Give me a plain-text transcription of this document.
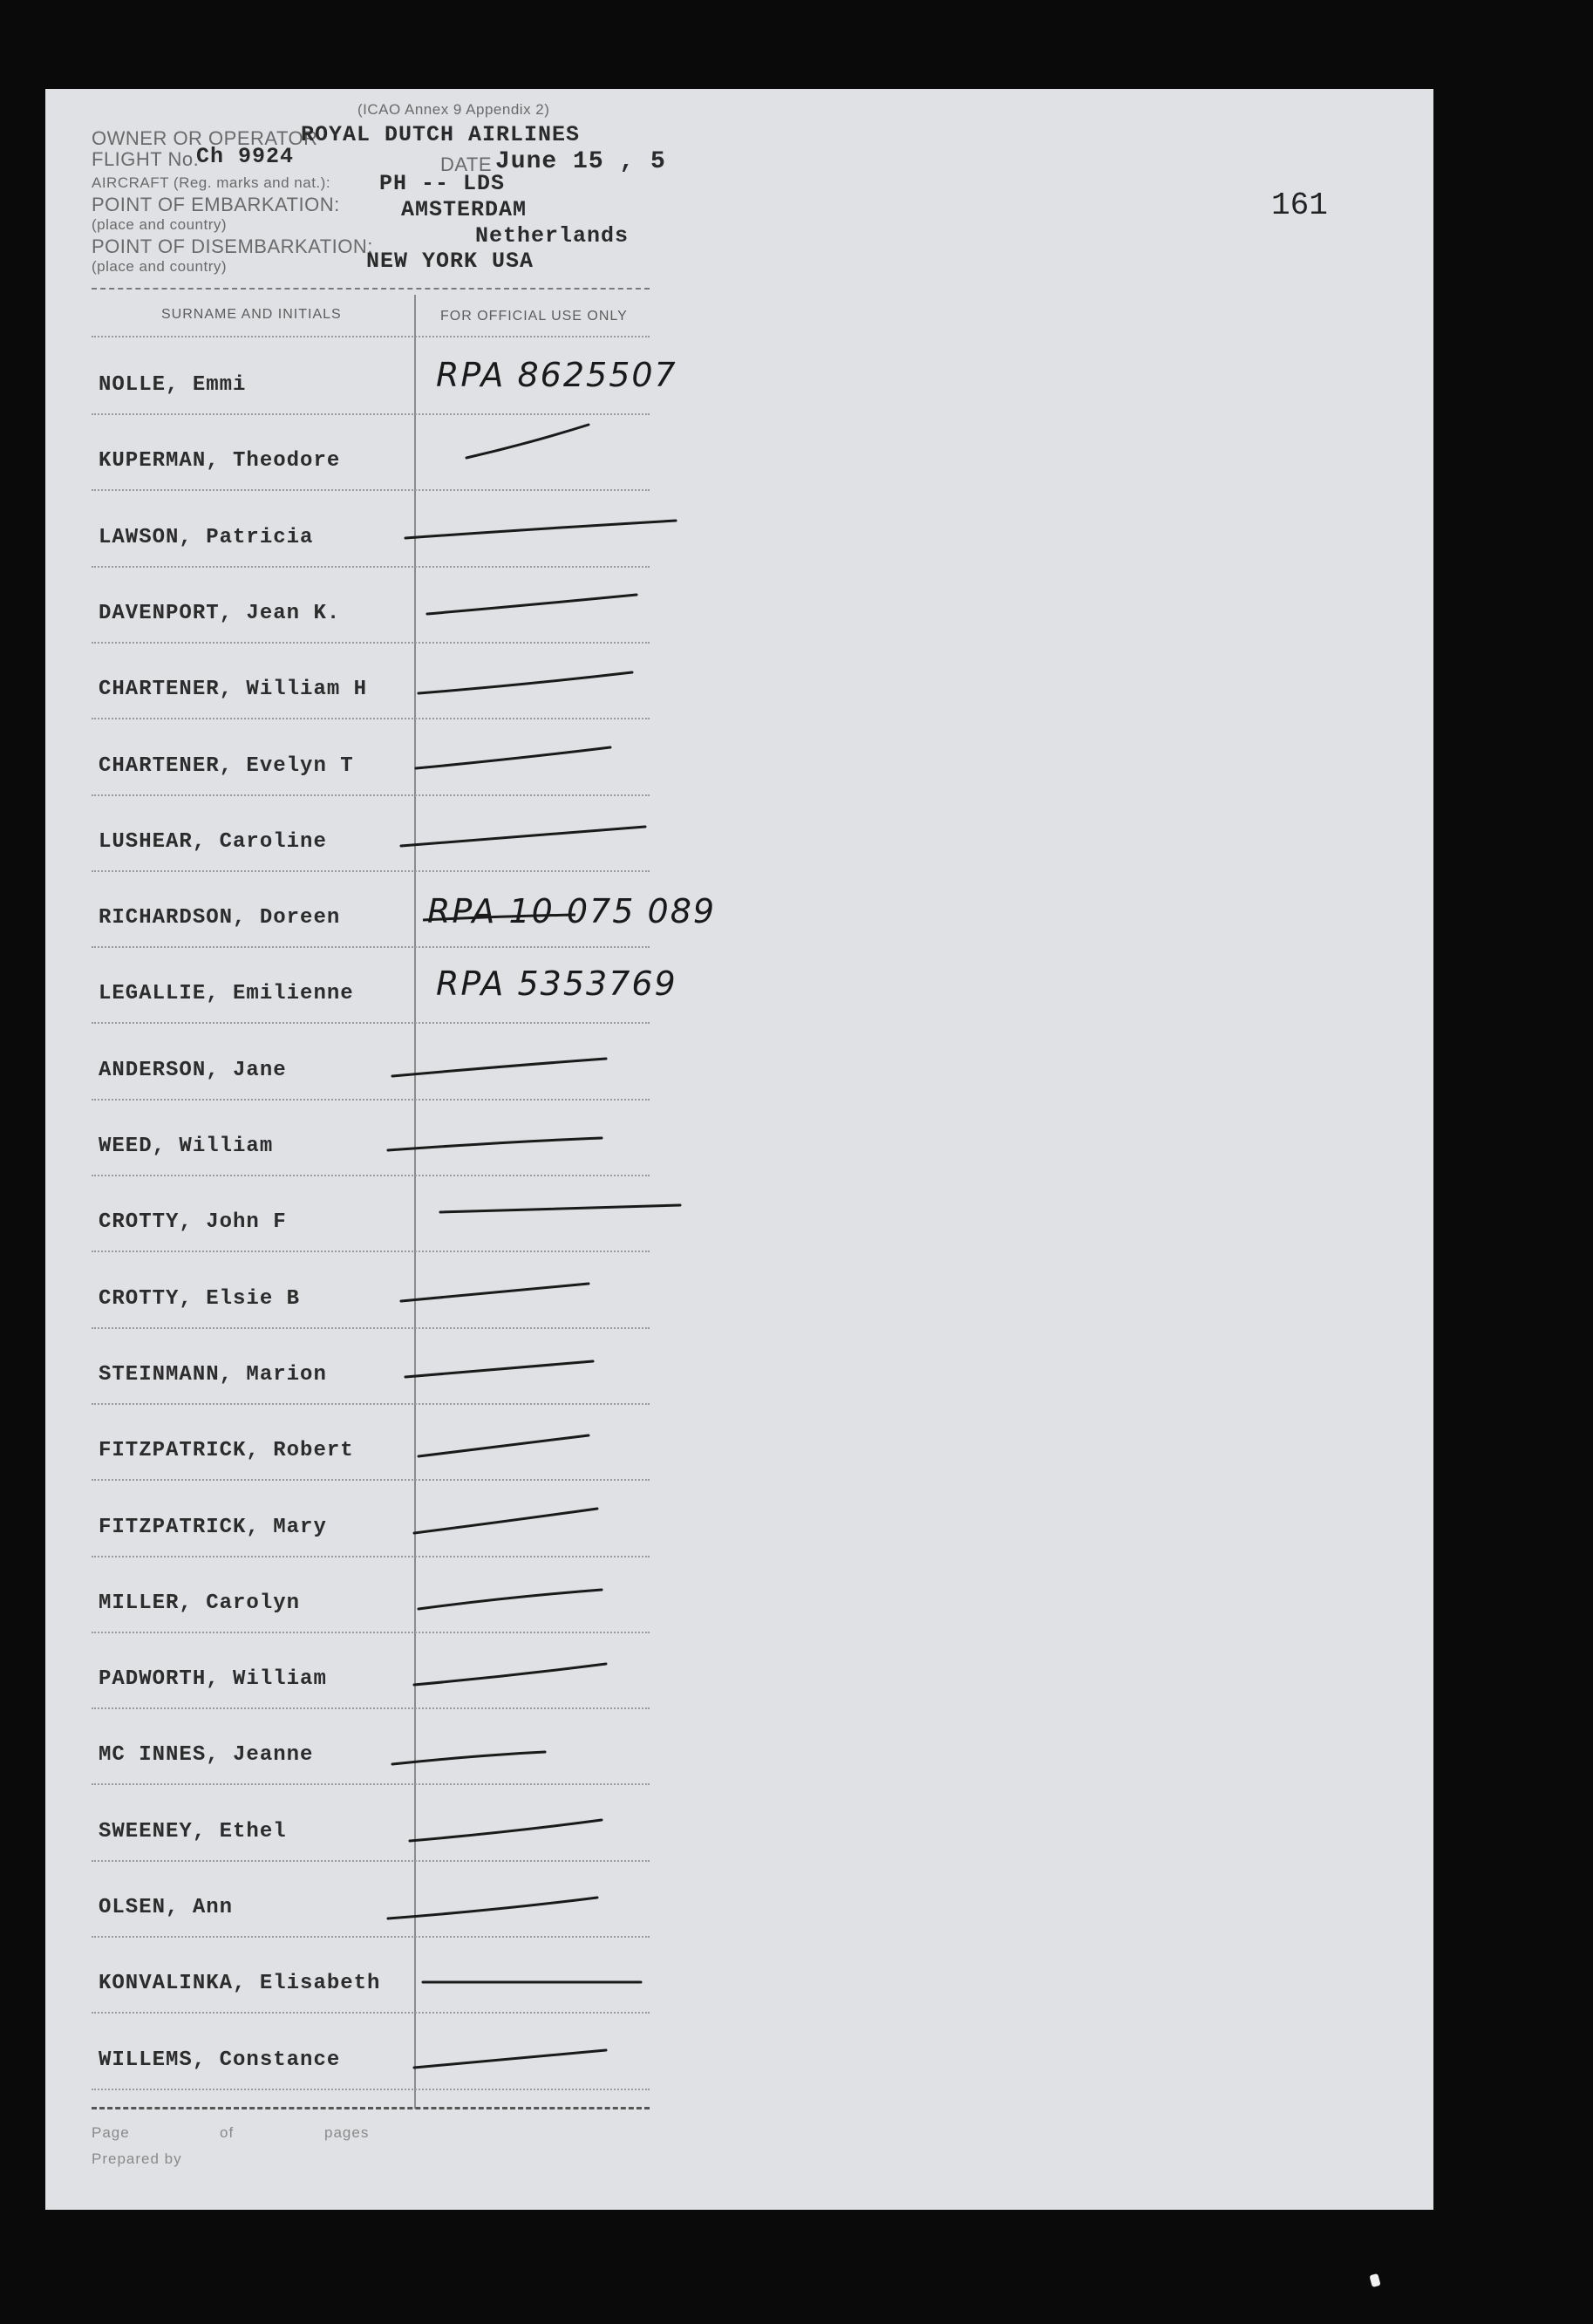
(ICAO Annex 9 Appendix 2)
OWNER OR OPERATOR
ROYAL DUTCH AIRLINES
FLIGHT No.
Ch 9924	DATE June 15 , 5
AIRCRAFT (Reg. marks and nat.): PH -- LDS
POINT OF EMBARKATION:	AMSTERDAM
(place and country)	Netherlands
POINT OF DISEMBARKATION:
NEW YORK USA
(place and country)
161
SURNAME AND INITIALS	FOR OFFICIAL USE ONLY
NOLLE, Emmi	RPA 8625507
KUPERMAN, Theodore
LAWSON, Patricia
DAVENPORT, Jean K.
CHARTENER, William H
CHARTENER, Evelyn T
LUSHEAR, Caroline
RICHARDSON, Doreen	RPA 10 075 089
LEGALLIE, Emilienne RPA 5353769
ANDERSON, Jane
WEED, William
CROTTY, John F
CROTTY, Elsie B
STEINMANN, Marion
FITZPATRICK, Robert
FITZPATRICK, Mary
MILLER, Carolyn
PADWORTH, William
MC INNES, Jeanne
SWEENEY, Ethel
OLSEN, Ann
KONVALINKA, Elisabeth
WILLEMS, Constance
Page	of	pages
Prepared by
